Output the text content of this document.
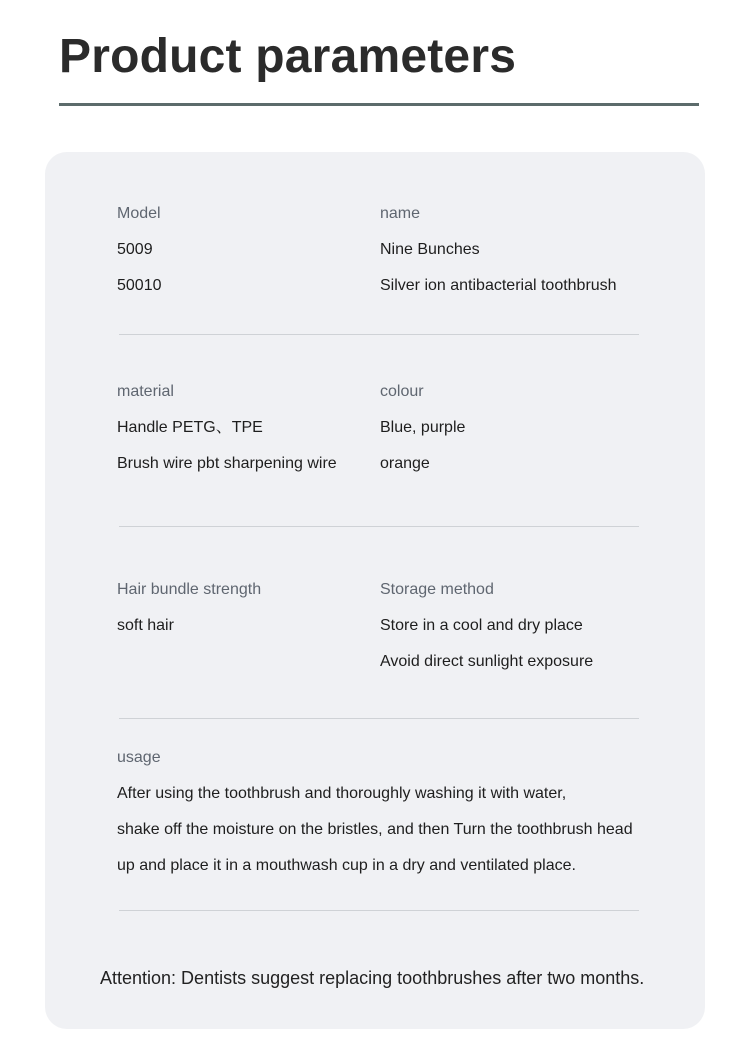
Product parameters
Model
5009
50010
name
Nine Bunches
Silver ion antibacterial toothbrush
material
Handle PETG、TPE
Brush wire pbt sharpening wire
colour
Blue, purple
orange
Hair bundle strength
soft hair
Storage method
Store in a cool and dry place
Avoid direct sunlight exposure
usage
After using the toothbrush and thoroughly washing it with water,
shake off the moisture on the bristles, and then Turn the toothbrush head
up and place it in a mouthwash cup in a dry and ventilated place.
Attention: Dentists suggest replacing toothbrushes after two months.
